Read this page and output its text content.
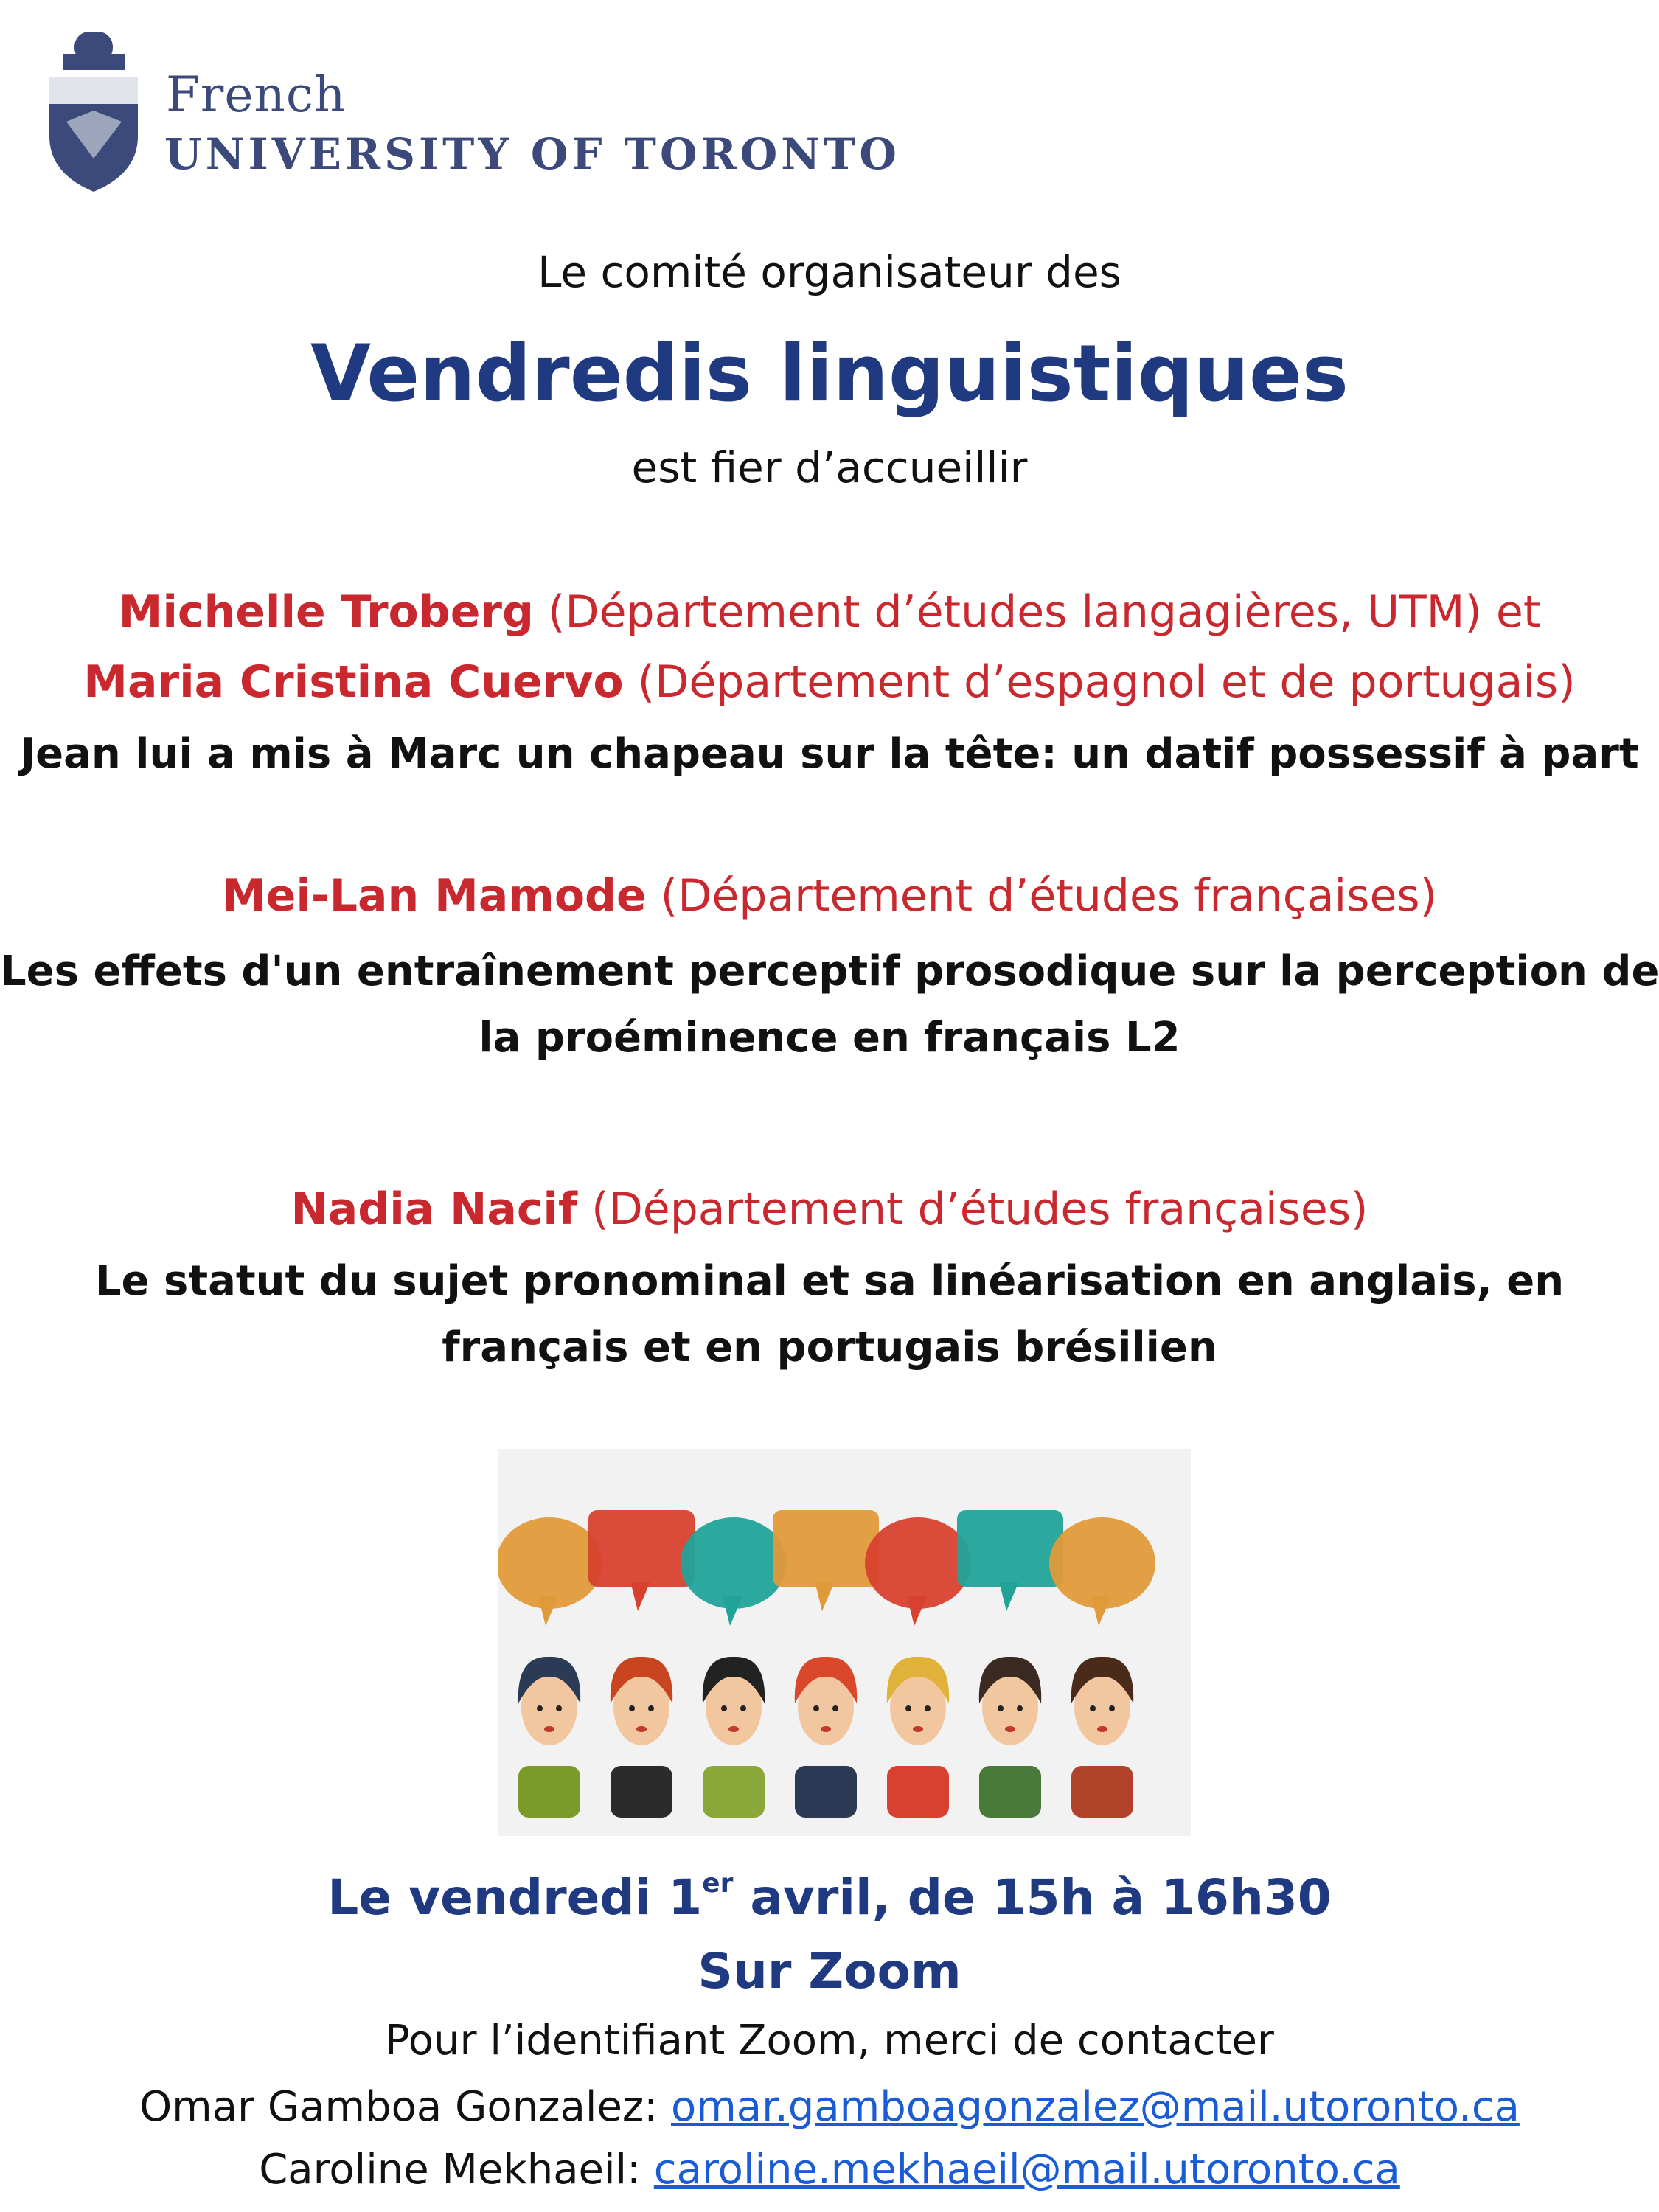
French
UNIVERSITY OF TORONTO
Le comité organisateur des
Vendredis linguistiques
est fier d’accueillir
Michelle Troberg (Département d’études langagières, UTM) et
Maria Cristina Cuervo (Département d’espagnol et de portugais)
Jean lui a mis à Marc un chapeau sur la tête: un datif possessif à part
Mei-Lan Mamode (Département d’études françaises)
Les effets d'un entraînement perceptif prosodique sur la perception de
la proéminence en français L2
Nadia Nacif (Département d’études françaises)
Le statut du sujet pronominal et sa linéarisation en anglais, en
français et en portugais brésilien
Le vendredi 1er avril, de 15h à 16h30
Sur Zoom
Pour l’identifiant Zoom, merci de contacter
Omar Gamboa Gonzalez: omar.gamboagonzalez@mail.utoronto.ca
Caroline Mekhaeil: caroline.mekhaeil@mail.utoronto.ca
